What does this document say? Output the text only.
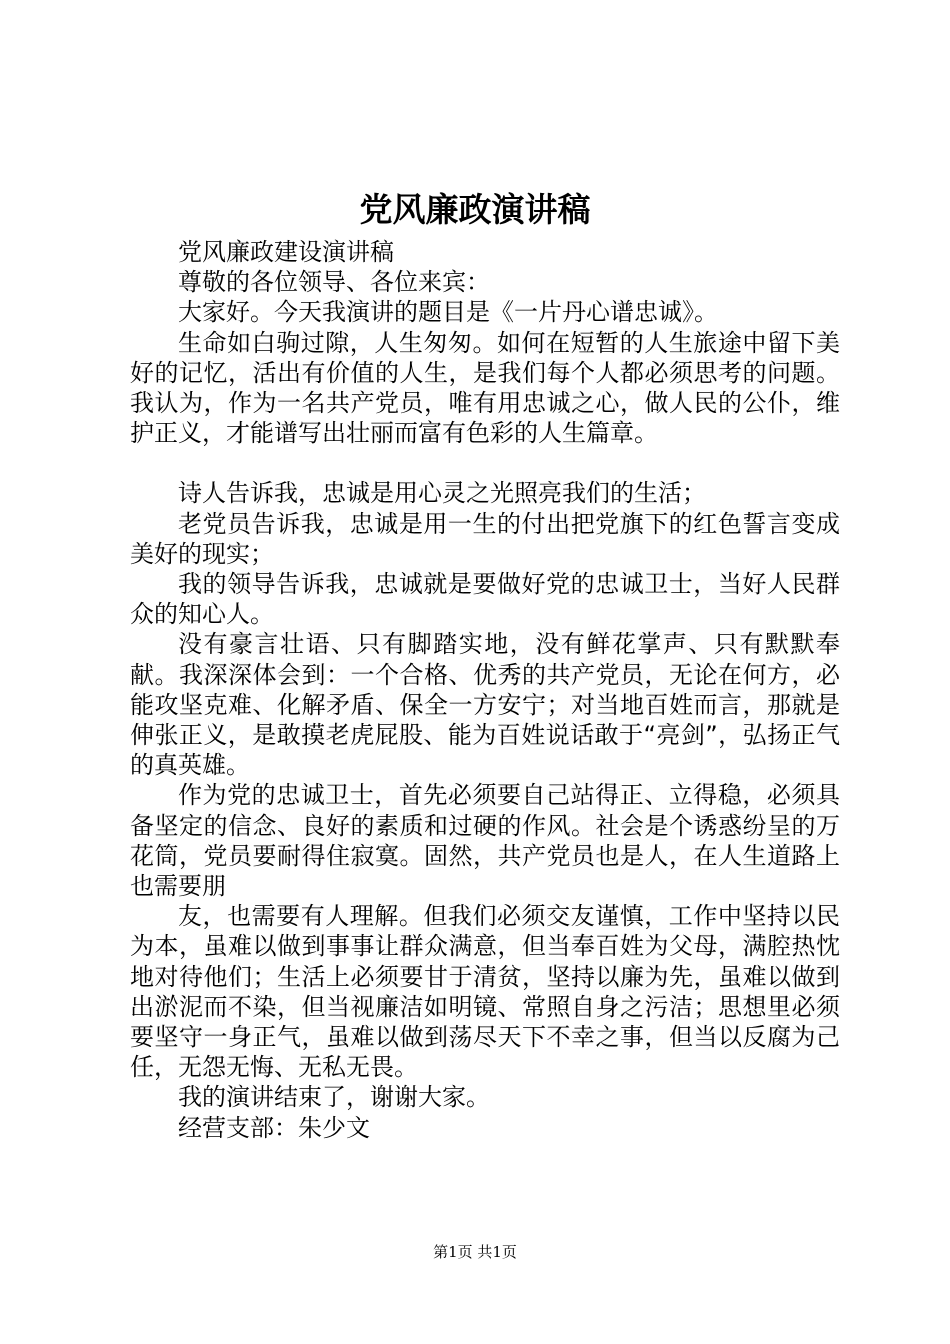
党风廉政演讲稿

党风廉政建设演讲稿

尊敬的各位领导、各位来宾：

大家好。今天我演讲的题目是《一片丹心谱忠诚》。

生命如白驹过隙，人生匆匆。如何在短暂的人生旅途中留下美好的记忆，活出有价值的人生，是我们每个人都必须思考的问题。我认为，作为一名共产党员，唯有用忠诚之心，做人民的公仆，维护正义，才能谱写出壮丽而富有色彩的人生篇章。

诗人告诉我，忠诚是用心灵之光照亮我们的生活；

老党员告诉我，忠诚是用一生的付出把党旗下的红色誓言变成美好的现实；

我的领导告诉我，忠诚就是要做好党的忠诚卫士，当好人民群众的知心人。

没有豪言壮语、只有脚踏实地，没有鲜花掌声、只有默默奉献。我深深体会到：一个合格、优秀的共产党员，无论在何方，必能攻坚克难、化解矛盾、保全一方安宁；对当地百姓而言，那就是伸张正义，是敢摸老虎屁股、能为百姓说话敢于“亮剑”，弘扬正气的真英雄。

作为党的忠诚卫士，首先必须要自己站得正、立得稳，必须具备坚定的信念、良好的素质和过硬的作风。社会是个诱惑纷呈的万花筒，党员要耐得住寂寞。固然，共产党员也是人，在人生道路上也需要朋

友，也需要有人理解。但我们必须交友谨慎，工作中坚持以民为本，虽难以做到事事让群众满意，但当奉百姓为父母，满腔热忱地对待他们；生活上必须要甘于清贫，坚持以廉为先，虽难以做到出淤泥而不染，但当视廉洁如明镜、常照自身之污洁；思想里必须要坚守一身正气，虽难以做到荡尽天下不幸之事，但当以反腐为己任，无怨无悔、无私无畏。

我的演讲结束了，谢谢大家。

经营支部：朱少文

第1页 共1页
